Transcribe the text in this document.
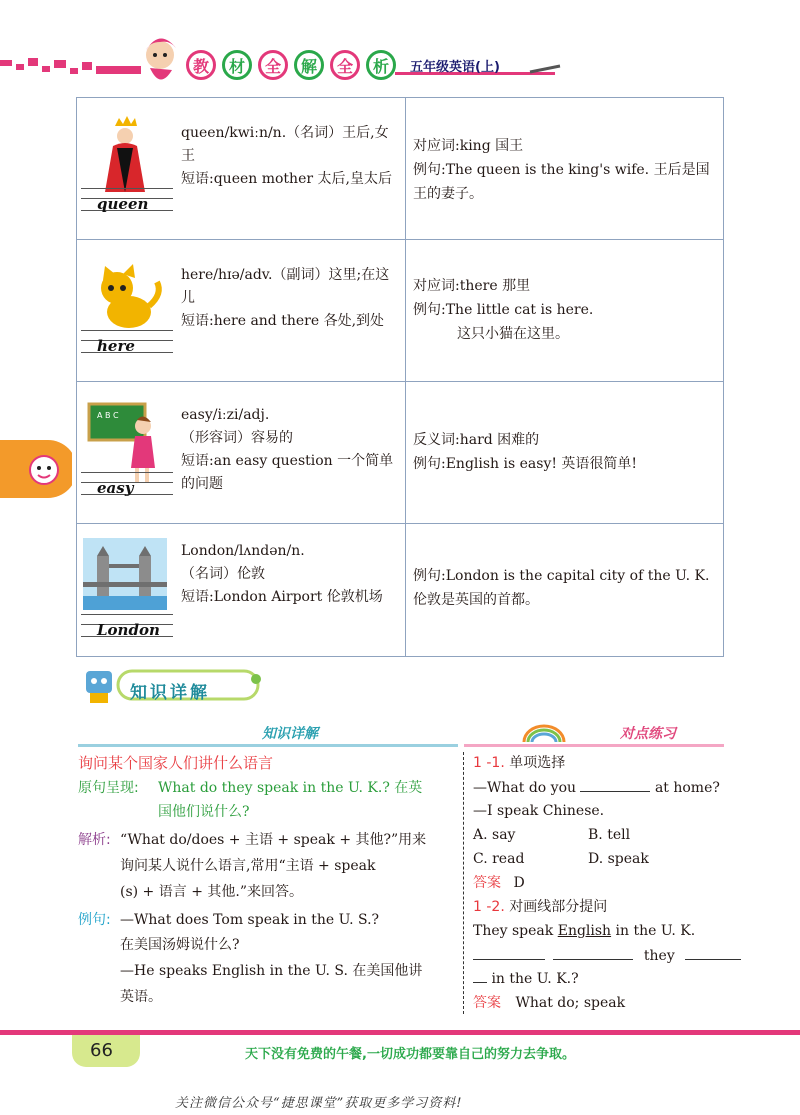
教	材	全	解	全	析	五年级英语(上)
queen
queen/kwiːn/n.（名词）王后,女王
短语:queen mother 太后,皇太后
对应词:king 国王
例句:The queen is the king's wife. 王后是国王的妻子。
here
here/hɪə/adv.（副词）这里;在这儿
短语:here and there 各处,到处
对应词:there 那里
例句:The little cat is here.
这只小猫在这里。
A B C
easy
easy/iːzi/adj.
（形容词）容易的
短语:an easy question 一个简单的问题
反义词:hard 困难的
例句:English is easy! 英语很简单!
London
London/lʌndən/n.
（名词）伦敦
短语:London Airport 伦敦机场
例句:London is the capital city of the U. K. 伦敦是英国的首都。
知识详解
知识详解	对点练习
询问某个国家人们讲什么语言
原句呈现: What do they speak in the U. K.? 在英
国他们说什么?
解析: “What do/does + 主语 + speak + 其他?”用来
询问某人说什么语言,常用“主语 + speak
(s) + 语言 + 其他.”来回答。
例句: —What does Tom speak in the U. S.?
在美国汤姆说什么?
—He speaks English in the U. S. 在美国他讲
英语。
1 -1. 单项选择
—What do you	at home?
—I speak Chinese.
A. say	B. tell
C. read	D. speak
答案 D
1 -2. 对画线部分提问
They speak English in the U. K.
they
in the U. K.?
答案 What do; speak
66	天下没有免费的午餐,一切成功都要靠自己的努力去争取。
关注微信公众号“捷思课堂”获取更多学习资料!
